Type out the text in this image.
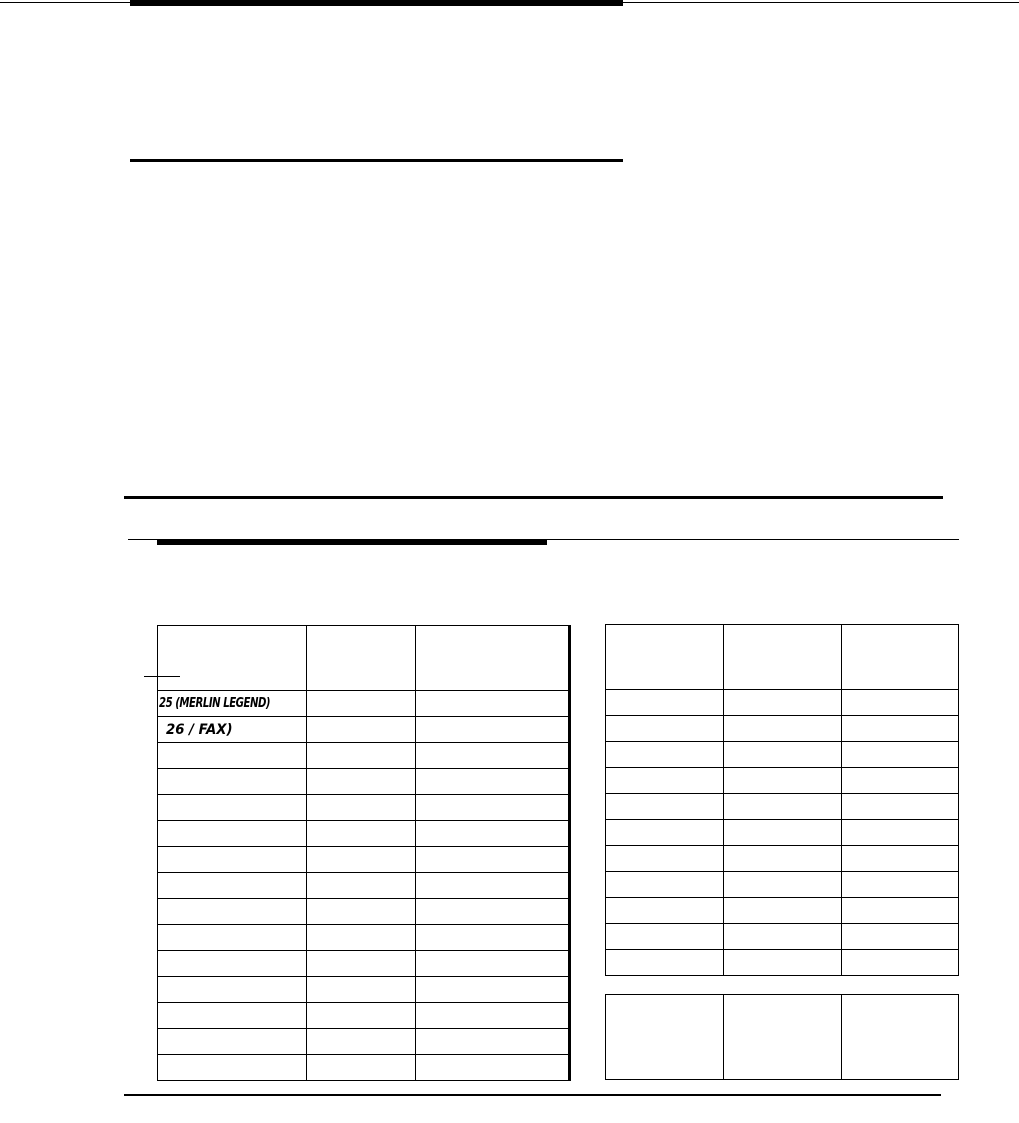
25 (MERLIN LEGEND)		

26 / FAX)		
